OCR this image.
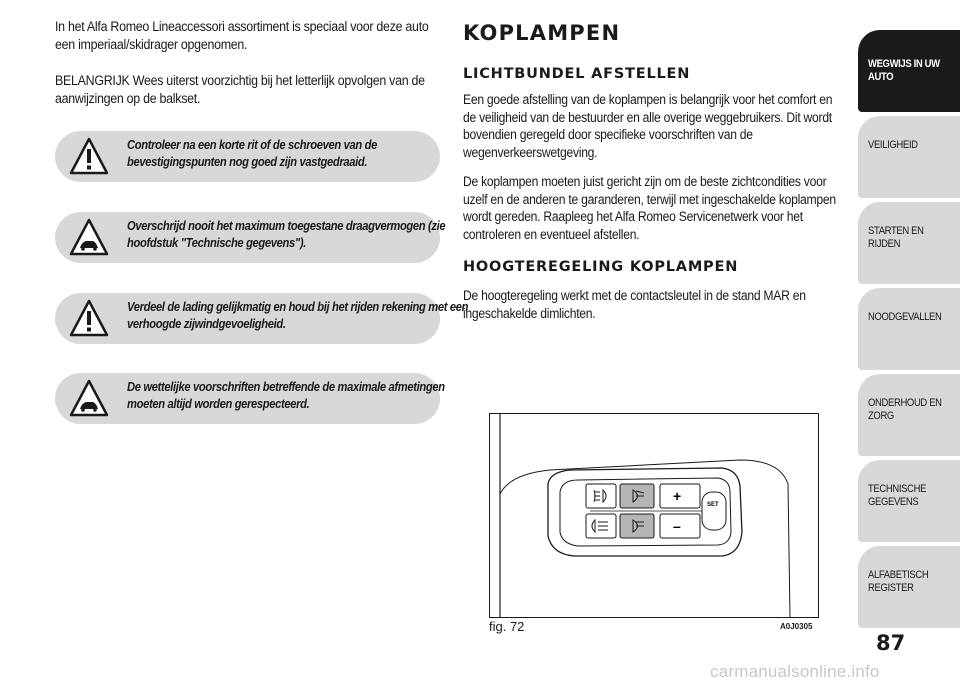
In het Alfa Romeo Lineaccessori assortiment is speciaal voor deze auto een imperiaal/skidrager opgenomen.

BELANGRIJK Wees uiterst voorzichtig bij het letterlijk opvolgen van de aanwijzingen op de balkset.

Controleer na een korte rit of de schroeven van de bevestigingspunten nog goed zijn vastgedraaid.
Overschrijd nooit het maximum toegestane draagvermogen (zie hoofdstuk "Technische gegevens").
Verdeel de lading gelijkmatig en houd bij het rijden rekening met een verhoogde zijwindgevoeligheid.
De wettelijke voorschriften betreffende de maximale afmetingen moeten altijd worden gerespecteerd.
KOPLAMPEN
LICHTBUNDEL AFSTELLEN

Een goede afstelling van de koplampen is belangrijk voor het comfort en de veiligheid van de bestuurder en alle overige weggebruikers. Dit wordt bovendien geregeld door specifieke voorschriften van de wegenverkeerswetgeving.

De koplampen moeten juist gericht zijn om de beste zichtcondities voor uzelf en de anderen te garanderen, terwijl met ingeschakelde koplampen wordt gereden. Raapleeg het Alfa Romeo Servicenetwerk voor het controleren en eventueel afstellen.

HOOGTEREGELING KOPLAMPEN

De hoogteregeling werkt met de contactsleutel in de stand MAR en ingeschakelde dimlichten.

+
–
SET
fig. 72	A0J0305
WEGWIJS IN UW AUTO
VEILIGHEID
STARTEN EN RIJDEN
NOODGEVALLEN
ONDERHOUD EN ZORG
TECHNISCHE GEGEVENS
ALFABETISCH REGISTER
87
carmanualsonline.info
